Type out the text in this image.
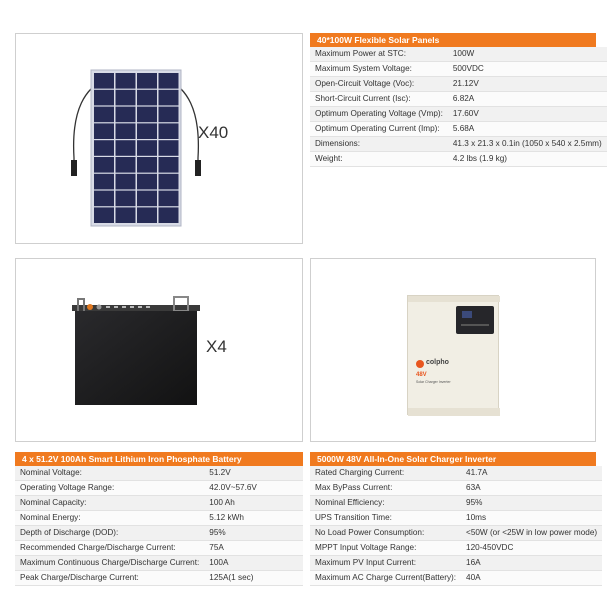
X40
40*100W Flexible Solar Panels
Maximum Power at STC:	100W
Maximum System Voltage:	500VDC
Open-Circuit Voltage (Voc):	21.12V
Short-Circuit Current (Isc):	6.82A
Optimum Operating Voltage (Vmp):	17.60V
Optimum Operating Current (Imp):	5.68A
Dimensions:	41.3 x 21.3 x 0.1in (1050 x 540 x 2.5mm)
Weight:	4.2 lbs (1.9 kg)
X4
colpho
48V
Solar Charger Inverter
4 x 51.2V 100Ah Smart Lithium Iron Phosphate Battery
Nominal Voltage:	51.2V
Operating Voltage Range:	42.0V~57.6V
Nominal Capacity:	100 Ah
Nominal Energy:	5.12 kWh
Depth of Discharge (DOD):	95%
Recommended Charge/Discharge Current:	75A
Maximum Continuous Charge/Discharge Current:	100A
Peak Charge/Discharge Current:	125A(1 sec)
5000W 48V All-In-One Solar Charger Inverter
Rated Charging Current:	41.7A
Max ByPass Current:	63A
Nominal Efficiency:	95%
UPS Transition Time:	10ms
No Load Power Consumption:	<50W (or <25W in low power mode)
MPPT Input Voltage Range:	120-450VDC
Maximum PV Input Current:	16A
Maximum AC Charge Current(Battery):	40A
